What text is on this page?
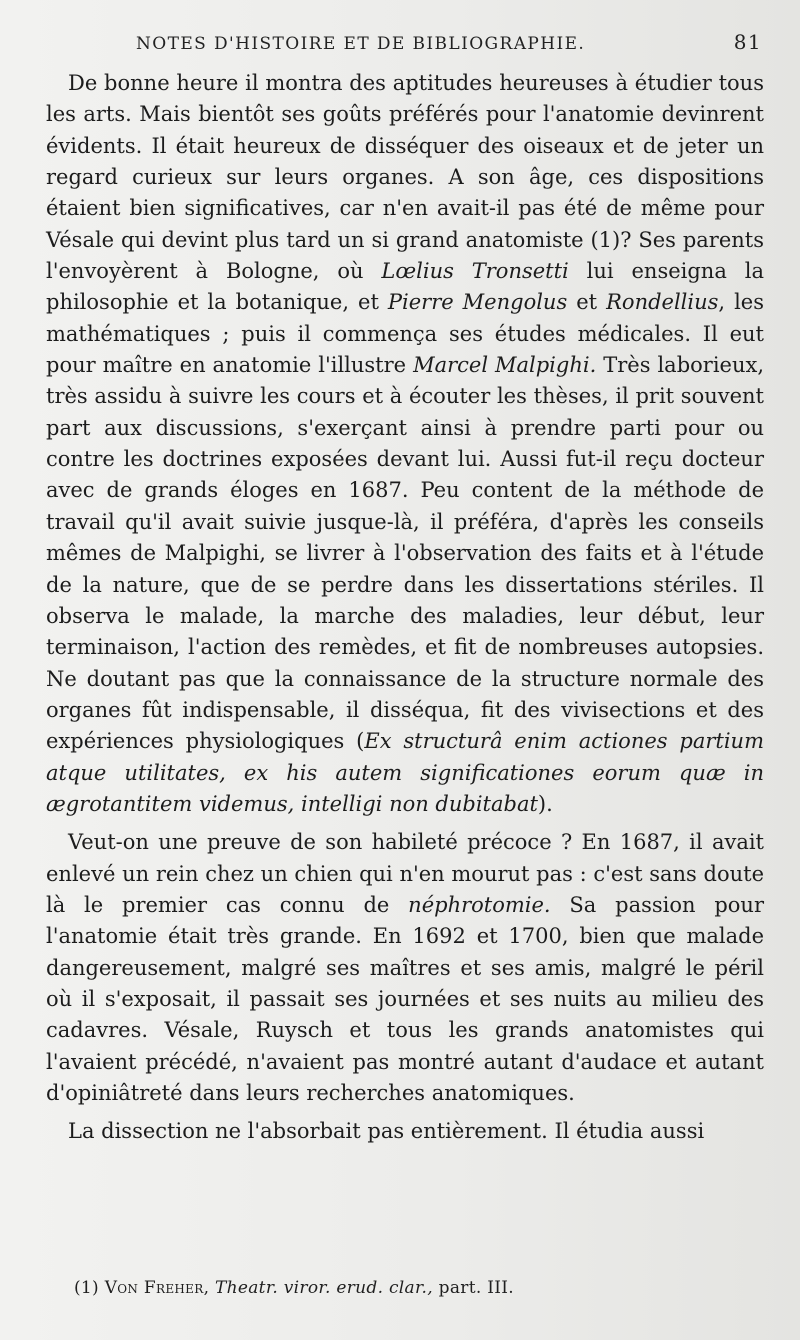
NOTES D'HISTOIRE ET DE BIBLIOGRAPHIE.	81

De bonne heure il montra des aptitudes heureuses à étudier tous les arts. Mais bientôt ses goûts préférés pour l'anatomie devinrent évidents. Il était heureux de disséquer des oiseaux et de jeter un regard curieux sur leurs organes. A son âge, ces dispositions étaient bien significatives, car n'en avait-il pas été de même pour Vésale qui devint plus tard un si grand anatomiste (1)? Ses parents l'envoyèrent à Bologne, où Lœlius Tronsetti lui enseigna la philosophie et la botanique, et Pierre Mengolus et Rondellius, les mathématiques ; puis il commença ses études médicales. Il eut pour maître en anatomie l'illustre Marcel Malpighi. Très laborieux, très assidu à suivre les cours et à écouter les thèses, il prit souvent part aux discussions, s'exerçant ainsi à prendre parti pour ou contre les doctrines exposées devant lui. Aussi fut-il reçu docteur avec de grands éloges en 1687. Peu content de la méthode de travail qu'il avait suivie jusque-là, il préféra, d'après les conseils mêmes de Malpighi, se livrer à l'observation des faits et à l'étude de la nature, que de se perdre dans les dissertations stériles. Il observa le malade, la marche des maladies, leur début, leur terminaison, l'action des remèdes, et fit de nombreuses autopsies. Ne doutant pas que la connaissance de la structure normale des organes fût indispensable, il disséqua, fit des vivisections et des expériences physiologiques (Ex structurâ enim actiones partium atque utilitates, ex his autem significationes eorum quæ in ægrotantitem videmus, intelligi non dubitabat).

Veut-on une preuve de son habileté précoce ? En 1687, il avait enlevé un rein chez un chien qui n'en mourut pas : c'est sans doute là le premier cas connu de néphrotomie. Sa passion pour l'anatomie était très grande. En 1692 et 1700, bien que malade dangereusement, malgré ses maîtres et ses amis, malgré le péril où il s'exposait, il passait ses journées et ses nuits au milieu des cadavres. Vésale, Ruysch et tous les grands anatomistes qui l'avaient précédé, n'avaient pas montré autant d'audace et autant d'opiniâtreté dans leurs recherches anatomiques.

La dissection ne l'absorbait pas entièrement. Il étudia aussi

(1) Von Freher, Theatr. viror. erud. clar., part. III.
